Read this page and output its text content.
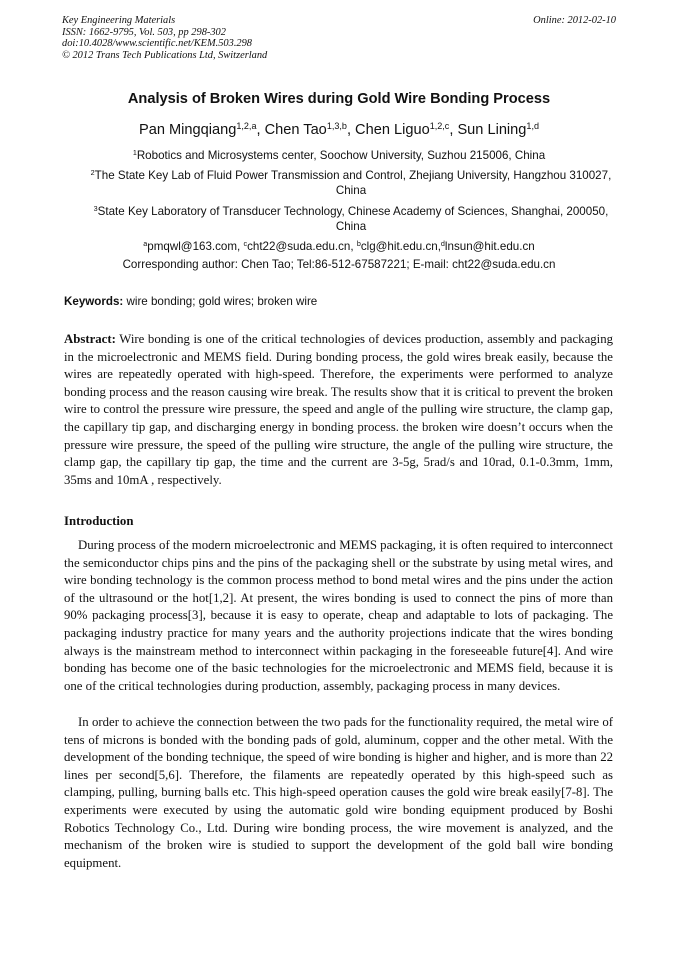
Key Engineering Materials
ISSN: 1662-9795, Vol. 503, pp 298-302
doi:10.4028/www.scientific.net/KEM.503.298
© 2012 Trans Tech Publications Ltd, Switzerland
Online: 2012-02-10
Analysis of Broken Wires during Gold Wire Bonding Process
Pan Mingqiang$^{1,2,a}$, Chen Tao$^{1,3,b}$, Chen Liguo$^{1,2,c}$, Sun Lining$^{1,d}$
$^1$Robotics and Microsystems center, Soochow University, Suzhou 215006, China
$^2$The State Key Lab of Fluid Power Transmission and Control, Zhejiang University, Hangzhou 310027, China
$^3$State Key Laboratory of Transducer Technology, Chinese Academy of Sciences, Shanghai, 200050, China
$^a$pmqwl@163.com, $^c$cht22@suda.edu.cn, $^b$clg@hit.edu.cn,$^d$lnsun@hit.edu.cn
Corresponding author: Chen Tao; Tel:86-512-67587221; E-mail: cht22@suda.edu.cn
Keywords: wire bonding; gold wires; broken wire
Abstract: Wire bonding is one of the critical technologies of devices production, assembly and packaging in the microelectronic and MEMS field. During bonding process, the gold wires break easily, because the wires are repeatedly operated with high-speed. Therefore, the experiments were performed to analyze bonding process and the reason causing wire break. The results show that it is critical to prevent the broken wire to control the pressure wire pressure, the speed and angle of the pulling wire structure, the clamp gap, the capillary tip gap, and discharging energy in bonding process. the broken wire doesn’t occurs when the pressure wire pressure, the speed of the pulling wire structure, the angle of the pulling wire structure, the clamp gap, the capillary tip gap, the time and the current are 3-5g, 5rad/s and 10rad, 0.1-0.3mm, 1mm, 35ms and 10mA , respectively.
Introduction
During process of the modern microelectronic and MEMS packaging, it is often required to interconnect the semiconductor chips pins and the pins of the packaging shell or the substrate by using metal wires, and wire bonding technology is the common process method to bond metal wires and the pins under the action of the ultrasound or the hot[1,2]. At present, the wires bonding is used to connect the pins of more than 90% packaging process[3], because it is easy to operate, cheap and adaptable to lots of packaging. The packaging industry practice for many years and the authority projections indicate that the wires bonding always is the mainstream method to interconnect within packaging in the foreseeable future[4]. And wire bonding has become one of the basic technologies for the microelectronic and MEMS field, because it is one of the critical technologies during production, assembly, packaging process in many devices.
In order to achieve the connection between the two pads for the functionality required, the metal wire of tens of microns is bonded with the bonding pads of gold, aluminum, copper and the other metal. With the development of the bonding technique, the speed of wire bonding is higher and higher, and is more than 22 lines per second[5,6]. Therefore, the filaments are repeatedly operated by this high-speed such as clamping, pulling, burning balls etc. This high-speed operation causes the gold wire break easily[7-8]. The experiments were executed by using the automatic gold wire bonding equipment produced by Boshi Robotics Technology Co., Ltd. During wire bonding process, the wire movement is analyzed, and the mechanism of the broken wire is studied to support the development of the gold ball wire bonding equipment.
